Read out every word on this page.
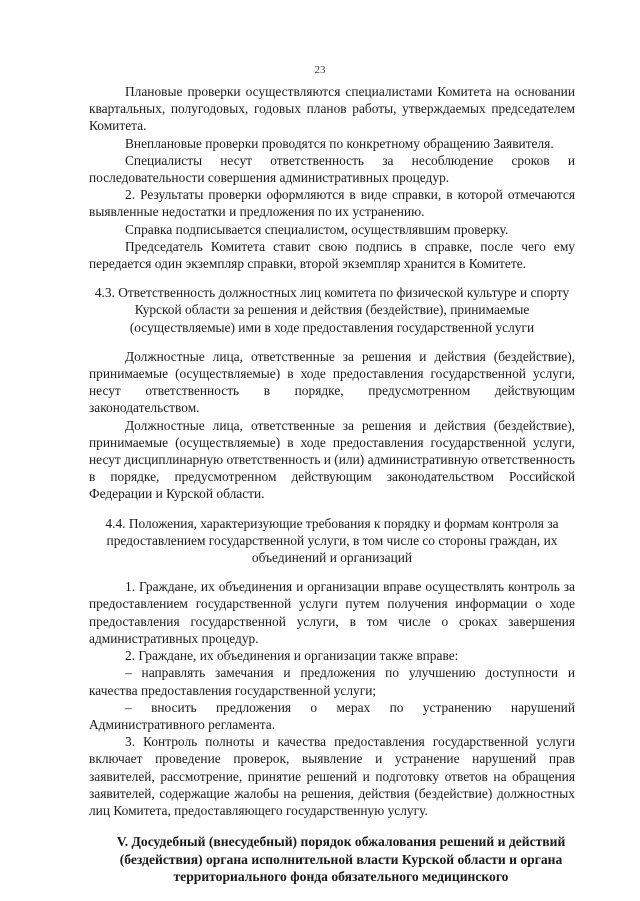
23

Плановые проверки осуществляются специалистами Комитета на основании квартальных, полугодовых, годовых планов работы, утверждаемых председателем Комитета.

Внеплановые проверки проводятся по конкретному обращению Заявителя.

Специалисты несут ответственность за несоблюдение сроков и последовательности совершения административных процедур.

2. Результаты проверки оформляются в виде справки, в которой отмечаются выявленные недостатки и предложения по их устранению.

Справка подписывается специалистом, осуществлявшим проверку.

Председатель Комитета ставит свою подпись в справке, после чего ему передается один экземпляр справки, второй экземпляр хранится в Комитете.

4.3. Ответственность должностных лиц комитета по физической культуре и спорту Курской области за решения и действия (бездействие), принимаемые (осуществляемые) ими в ходе предоставления государственной услуги

Должностные лица, ответственные за решения и действия (бездействие), принимаемые (осуществляемые) в ходе предоставления государственной услуги, несут ответственность в порядке, предусмотренном действующим законодательством.

Должностные лица, ответственные за решения и действия (бездействие), принимаемые (осуществляемые) в ходе предоставления государственной услуги, несут дисциплинарную ответственность и (или) административную ответственность в порядке, предусмотренном действующим законодательством Российской Федерации и Курской области.

4.4. Положения, характеризующие требования к порядку и формам контроля за предоставлением государственной услуги, в том числе со стороны граждан, их объединений и организаций

1. Граждане, их объединения и организации вправе осуществлять контроль за предоставлением государственной услуги путем получения информации о ходе предоставления государственной услуги, в том числе о сроках завершения административных процедур.

2. Граждане, их объединения и организации также вправе:

– направлять замечания и предложения по улучшению доступности и качества предоставления государственной услуги;

– вносить предложения о мерах по устранению нарушений Административного регламента.

3. Контроль полноты и качества предоставления государственной услуги включает проведение проверок, выявление и устранение нарушений прав заявителей, рассмотрение, принятие решений и подготовку ответов на обращения заявителей, содержащие жалобы на решения, действия (бездействие) должностных лиц Комитета, предоставляющего государственную услугу.

V. Досудебный (внесудебный) порядок обжалования решений и действий (бездействия) органа исполнительной власти Курской области и органа территориального фонда обязательного медицинского
